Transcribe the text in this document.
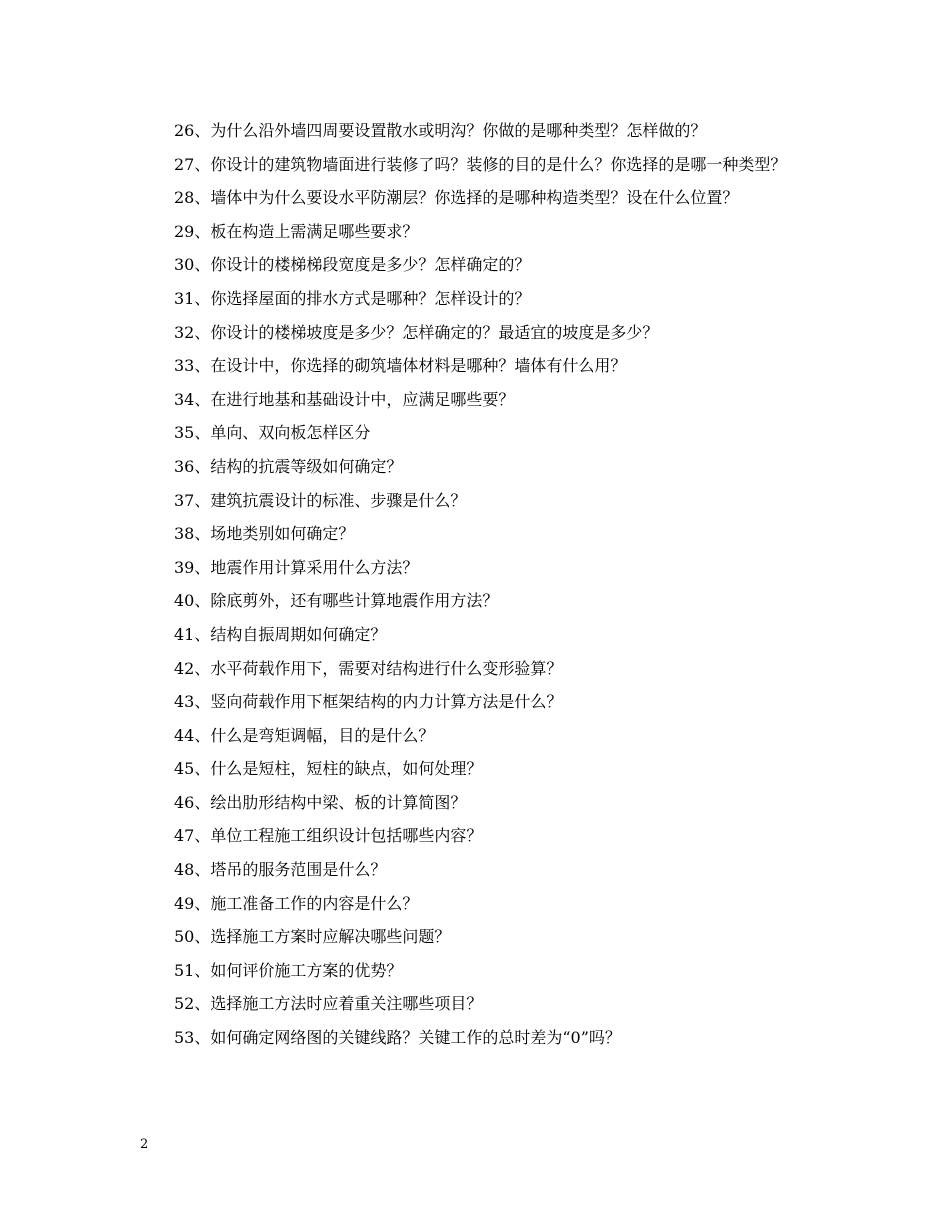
26、为什么沿外墙四周要设置散水或明沟？你做的是哪种类型？怎样做的？

27、你设计的建筑物墙面进行装修了吗？装修的目的是什么？你选择的是哪一种类型？

28、墙体中为什么要设水平防潮层？你选择的是哪种构造类型？设在什么位置？

29、板在构造上需满足哪些要求？

30、你设计的楼梯梯段宽度是多少？怎样确定的？

31、你选择屋面的排水方式是哪种？怎样设计的？

32、你设计的楼梯坡度是多少？怎样确定的？最适宜的坡度是多少？

33、在设计中，你选择的砌筑墙体材料是哪种？墙体有什么用？

34、在进行地基和基础设计中，应满足哪些要？

35、单向、双向板怎样区分

36、结构的抗震等级如何确定？

37、建筑抗震设计的标准、步骤是什么？

38、场地类别如何确定？

39、地震作用计算采用什么方法？

40、除底剪外，还有哪些计算地震作用方法？

41、结构自振周期如何确定？

42、水平荷载作用下，需要对结构进行什么变形验算？

43、竖向荷载作用下框架结构的内力计算方法是什么？

44、什么是弯矩调幅，目的是什么？

45、什么是短柱，短柱的缺点，如何处理？

46、绘出肋形结构中梁、板的计算简图？

47、单位工程施工组织设计包括哪些内容？

48、塔吊的服务范围是什么？

49、施工准备工作的内容是什么？

50、选择施工方案时应解决哪些问题？

51、如何评价施工方案的优势？

52、选择施工方法时应着重关注哪些项目？

53、如何确定网络图的关键线路？关键工作的总时差为“0”吗？

2
